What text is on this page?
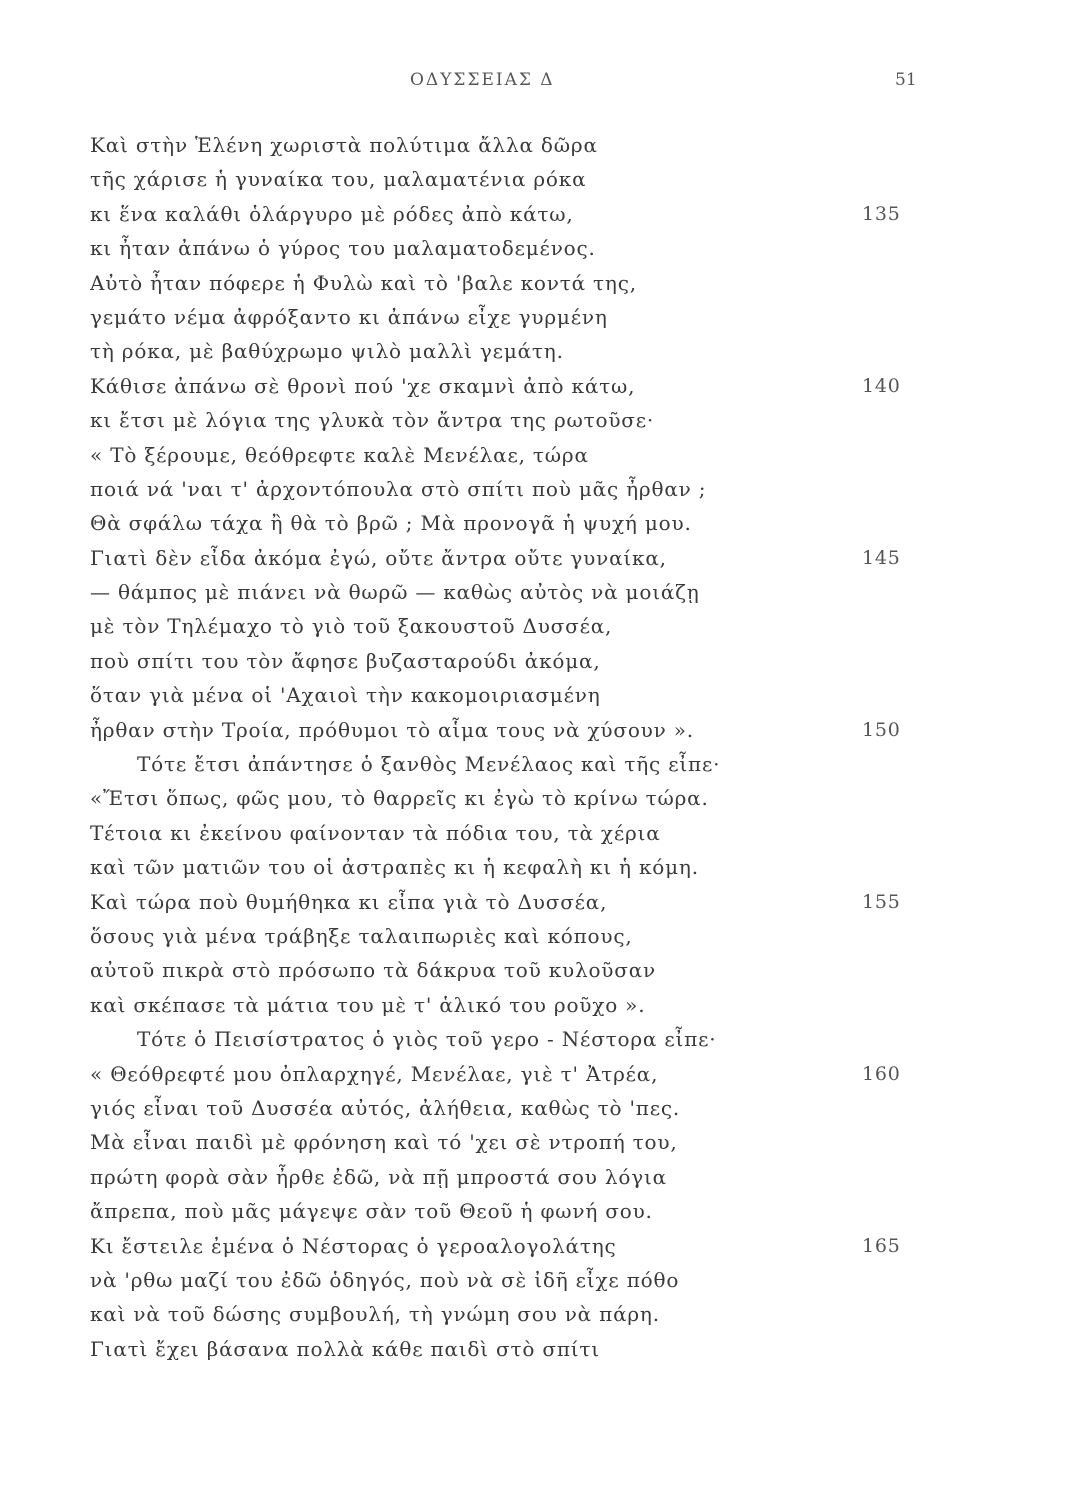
ΟΔΥΣΣΕΙΑΣ Δ	51
Καὶ στὴν Ἑλένη χωριστὰ πολύτιμα ἄλλα δῶρα
τῆς χάρισε ἡ γυναίκα του, μαλαματένια ρόκα
κι ἕνα καλάθι ὁλάργυρο μὲ ρόδες ἀπὸ κάτω,	135
κι ἦταν ἀπάνω ὁ γύρος του μαλαματοδεμένος.
Αὐτὸ ἦταν πόφερε ἡ Φυλὼ καὶ τὸ 'βαλε κοντά της,
γεμάτο νέμα ἀφρόξαντο κι ἀπάνω εἶχε γυρμένη
τὴ ρόκα, μὲ βαθύχρωμο ψιλὸ μαλλὶ γεμάτη.
Κάθισε ἀπάνω σὲ θρονὶ πού 'χε σκαμνὶ ἀπὸ κάτω,	140
κι ἔτσι μὲ λόγια της γλυκὰ τὸν ἄντρα της ρωτοῦσε·
« Τὸ ξέρουμε, θεόθρεφτε καλὲ Μενέλαε, τώρα
ποιά νά 'ναι τ' ἀρχοντόπουλα στὸ σπίτι ποὺ μᾶς ἦρθαν ;
Θὰ σφάλω τάχα ἢ θὰ τὸ βρῶ ; Μὰ προνογᾶ ἡ ψυχή μου.
Γιατὶ δὲν εἶδα ἀκόμα ἐγώ, οὔτε ἄντρα οὔτε γυναίκα,	145
— θάμπος μὲ πιάνει νὰ θωρῶ — καθὼς αὐτὸς νὰ μοιάζῃ
μὲ τὸν Τηλέμαχο τὸ γιὸ τοῦ ξακουστοῦ Δυσσέα,
ποὺ σπίτι του τὸν ἄφησε βυζασταρούδι ἀκόμα,
ὅταν γιὰ μένα οἱ 'Αχαιοὶ τὴν κακομοιριασμένη
ἦρθαν στὴν Τροία, πρόθυμοι τὸ αἷμα τους νὰ χύσουν ».	150
Τότε ἔτσι ἀπάντησε ὁ ξανθὸς Μενέλαος καὶ τῆς εἶπε·
«Ἔτσι ὅπως, φῶς μου, τὸ θαρρεῖς κι ἐγὼ τὸ κρίνω τώρα.
Τέτοια κι ἐκείνου φαίνονταν τὰ πόδια του, τὰ χέρια
καὶ τῶν ματιῶν του οἱ ἀστραπὲς κι ἡ κεφαλὴ κι ἡ κόμη.
Καὶ τώρα ποὺ θυμήθηκα κι εἶπα γιὰ τὸ Δυσσέα,	155
ὅσους γιὰ μένα τράβηξε ταλαιπωριὲς καὶ κόπους,
αὐτοῦ πικρὰ στὸ πρόσωπο τὰ δάκρυα τοῦ κυλοῦσαν
καὶ σκέπασε τὰ μάτια του μὲ τ' ἁλικό του ροῦχο ».
Τότε ὁ Πεισίστρατος ὁ γιὸς τοῦ γερο - Νέστορα εἶπε·
« Θεόθρεφτέ μου ὀπλαρχηγέ, Μενέλαε, γιὲ τ' Ἀτρέα,	160
γιός εἶναι τοῦ Δυσσέα αὐτός, ἀλήθεια, καθὼς τὸ 'πες.
Μὰ εἶναι παιδὶ μὲ φρόνηση καὶ τό 'χει σὲ ντροπή του,
πρώτη φορὰ σὰν ἦρθε ἐδῶ, νὰ πῇ μπροστά σου λόγια
ἄπρεπα, ποὺ μᾶς μάγεψε σὰν τοῦ Θεοῦ ἡ φωνή σου.
Κι ἔστειλε ἐμένα ὁ Νέστορας ὁ γεροαλογολάτης	165
νὰ 'ρθω μαζί του ἐδῶ ὁδηγός, ποὺ νὰ σὲ ἰδῆ εἶχε πόθο
καὶ νὰ τοῦ δώσης συμβουλή, τὴ γνώμη σου νὰ πάρη.
Γιατὶ ἔχει βάσανα πολλὰ κάθε παιδὶ στὸ σπίτι
